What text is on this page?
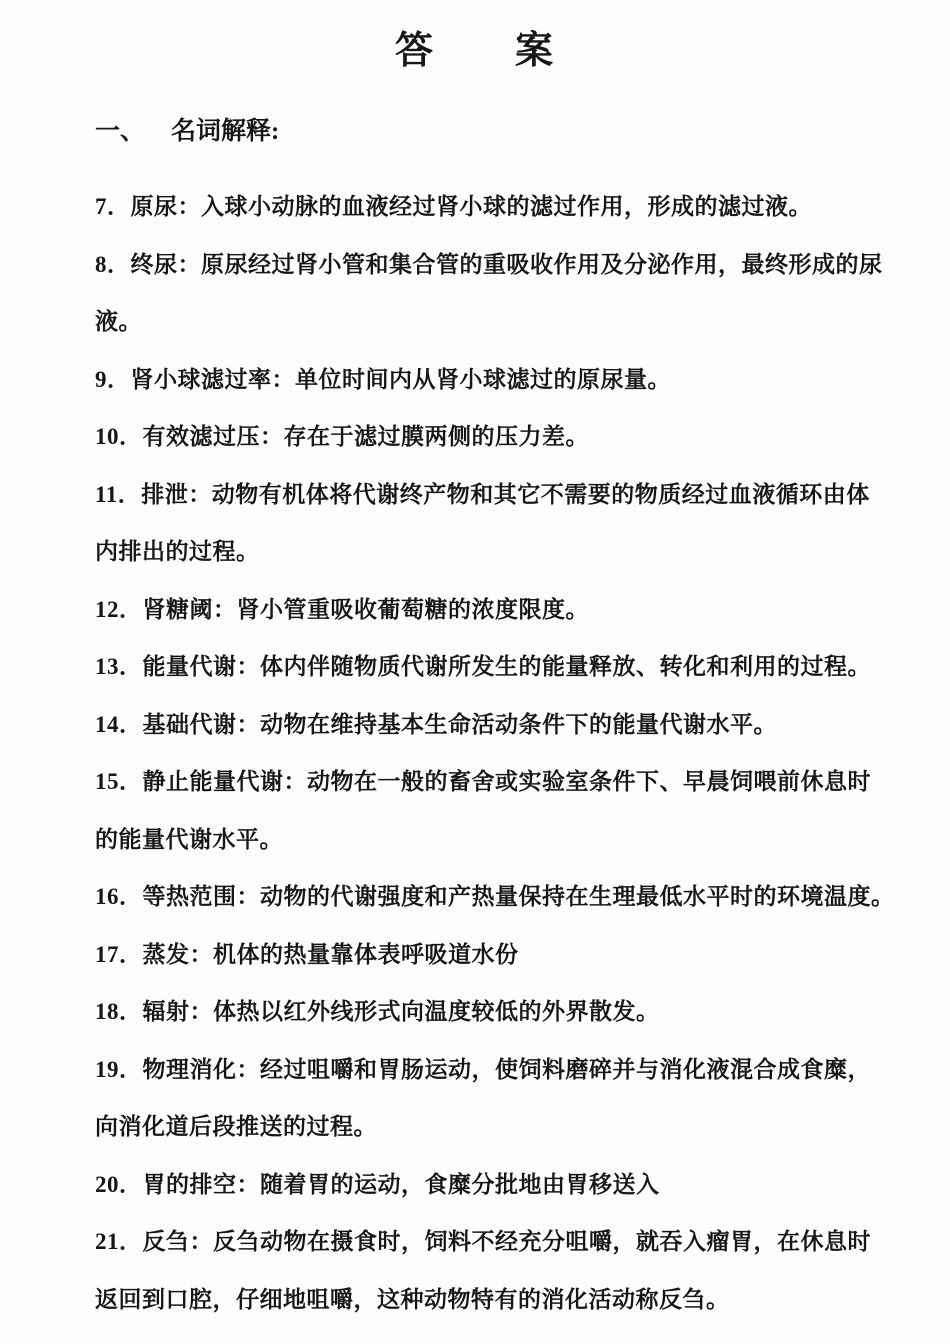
答　　案
一、 名词解释:
7．原尿：入球小动脉的血液经过肾小球的滤过作用，形成的滤过液。
8．终尿：原尿经过肾小管和集合管的重吸收作用及分泌作用，最终形成的尿
液。
9．肾小球滤过率：单位时间内从肾小球滤过的原尿量。
10．有效滤过压：存在于滤过膜两侧的压力差。
11．排泄：动物有机体将代谢终产物和其它不需要的物质经过血液循环由体
内排出的过程。
12．肾糖阈：肾小管重吸收葡萄糖的浓度限度。
13．能量代谢：体内伴随物质代谢所发生的能量释放、转化和利用的过程。
14．基础代谢：动物在维持基本生命活动条件下的能量代谢水平。
15．静止能量代谢：动物在一般的畜舍或实验室条件下、早晨饲喂前休息时
的能量代谢水平。
16．等热范围：动物的代谢强度和产热量保持在生理最低水平时的环境温度。
17．蒸发：机体的热量靠体表呼吸道水份
18．辐射：体热以红外线形式向温度较低的外界散发。
19．物理消化：经过咀嚼和胃肠运动，使饲料磨碎并与消化液混合成食糜，
向消化道后段推送的过程。
20．胃的排空：随着胃的运动，食糜分批地由胃移送入
21．反刍：反刍动物在摄食时，饲料不经充分咀嚼，就吞入瘤胃，在休息时
返回到口腔，仔细地咀嚼，这种动物特有的消化活动称反刍。
